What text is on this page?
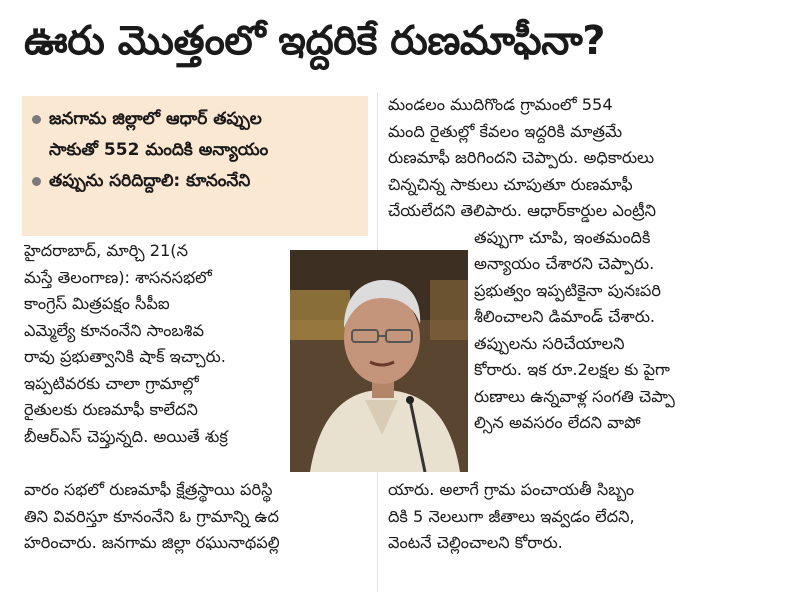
ఊరు మొత్తంలో ఇద్దరికే రుణమాఫీనా?
జనగామ జిల్లాలో ఆధార్ తప్పుల
సాకుతో 552 మందికి అన్యాయం
తప్పును సరిదిద్దాలి: కూనంనేని
హైదరాబాద్, మార్చి 21(న
మస్తే తెలంగాణ): శాసనసభలో
కాంగ్రెస్ మిత్రపక్షం సీపీఐ
ఎమ్మెల్యే కూనంనేని సాంబశివ
రావు ప్రభుత్వానికి షాక్ ఇచ్చారు.
ఇప్పటివరకు చాలా గ్రామాల్లో
రైతులకు రుణమాఫీ కాలేదని
బీఆర్ఎస్ చెప్తున్నది. అయితే శుక్ర
వారం సభలో రుణమాఫీ క్షేత్రస్థాయి పరిస్థి
తిని వివరిస్తూ కూనంనేని ఓ గ్రామాన్ని ఉద
హరించారు. జనగామ జిల్లా రఘునాథపల్లి
మండలం ముదిగొండ గ్రామంలో 554
మంది రైతుల్లో కేవలం ఇద్దరికి మాత్రమే
రుణమాఫీ జరిగిందని చెప్పారు. అధికారులు
చిన్నచిన్న సాకులు చూపుతూ రుణమాఫీ
చేయలేదని తెలిపారు. ఆధార్‌కార్డుల ఎంట్రీని
తప్పుగా చూపి, ఇంతమందికి
అన్యాయం చేశారని చెప్పారు.
ప్రభుత్వం ఇప్పటికైనా పునఃపరి
శీలించాలని డిమాండ్ చేశారు.
తప్పులను సరిచేయాలని
కోరారు. ఇక రూ.2లక్షల కు పైగా
రుణాలు ఉన్నవాళ్ల సంగతి చెప్పా
ల్సిన అవసరం లేదని వాపో
యారు. అలాగే గ్రామ పంచాయతీ సిబ్బం
దికి 5 నెలలుగా జీతాలు ఇవ్వడం లేదని,
వెంటనే చెల్లించాలని కోరారు.
